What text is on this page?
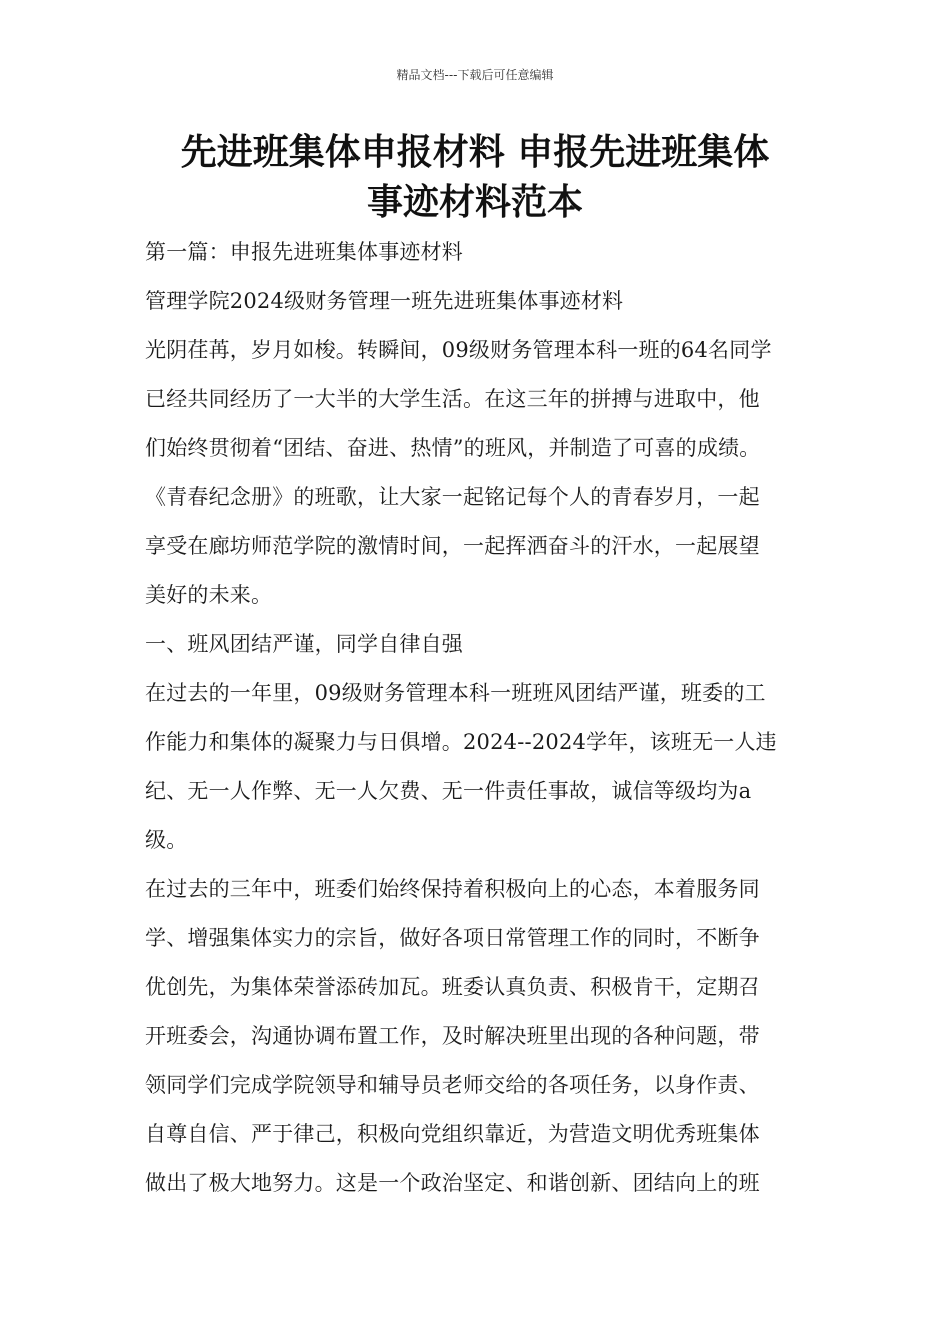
精品文档---下载后可任意编辑
先进班集体申报材料 申报先进班集体
事迹材料范本
第一篇：申报先进班集体事迹材料
管理学院2024级财务管理一班先进班集体事迹材料
光阴荏苒，岁月如梭。转瞬间，09级财务管理本科一班的64名同学
已经共同经历了一大半的大学生活。在这三年的拼搏与进取中，他
们始终贯彻着“团结、奋进、热情”的班风，并制造了可喜的成绩。
《青春纪念册》的班歌，让大家一起铭记每个人的青春岁月，一起
享受在廊坊师范学院的激情时间，一起挥洒奋斗的汗水，一起展望
美好的未来。
一、班风团结严谨，同学自律自强
在过去的一年里，09级财务管理本科一班班风团结严谨，班委的工
作能力和集体的凝聚力与日俱增。2024--2024学年，该班无一人违
纪、无一人作弊、无一人欠费、无一件责任事故，诚信等级均为a
级。
在过去的三年中，班委们始终保持着积极向上的心态，本着服务同
学、增强集体实力的宗旨，做好各项日常管理工作的同时，不断争
优创先，为集体荣誉添砖加瓦。班委认真负责、积极肯干，定期召
开班委会，沟通协调布置工作，及时解决班里出现的各种问题，带
领同学们完成学院领导和辅导员老师交给的各项任务，以身作责、
自尊自信、严于律己，积极向党组织靠近，为营造文明优秀班集体
做出了极大地努力。这是一个政治坚定、和谐创新、团结向上的班
